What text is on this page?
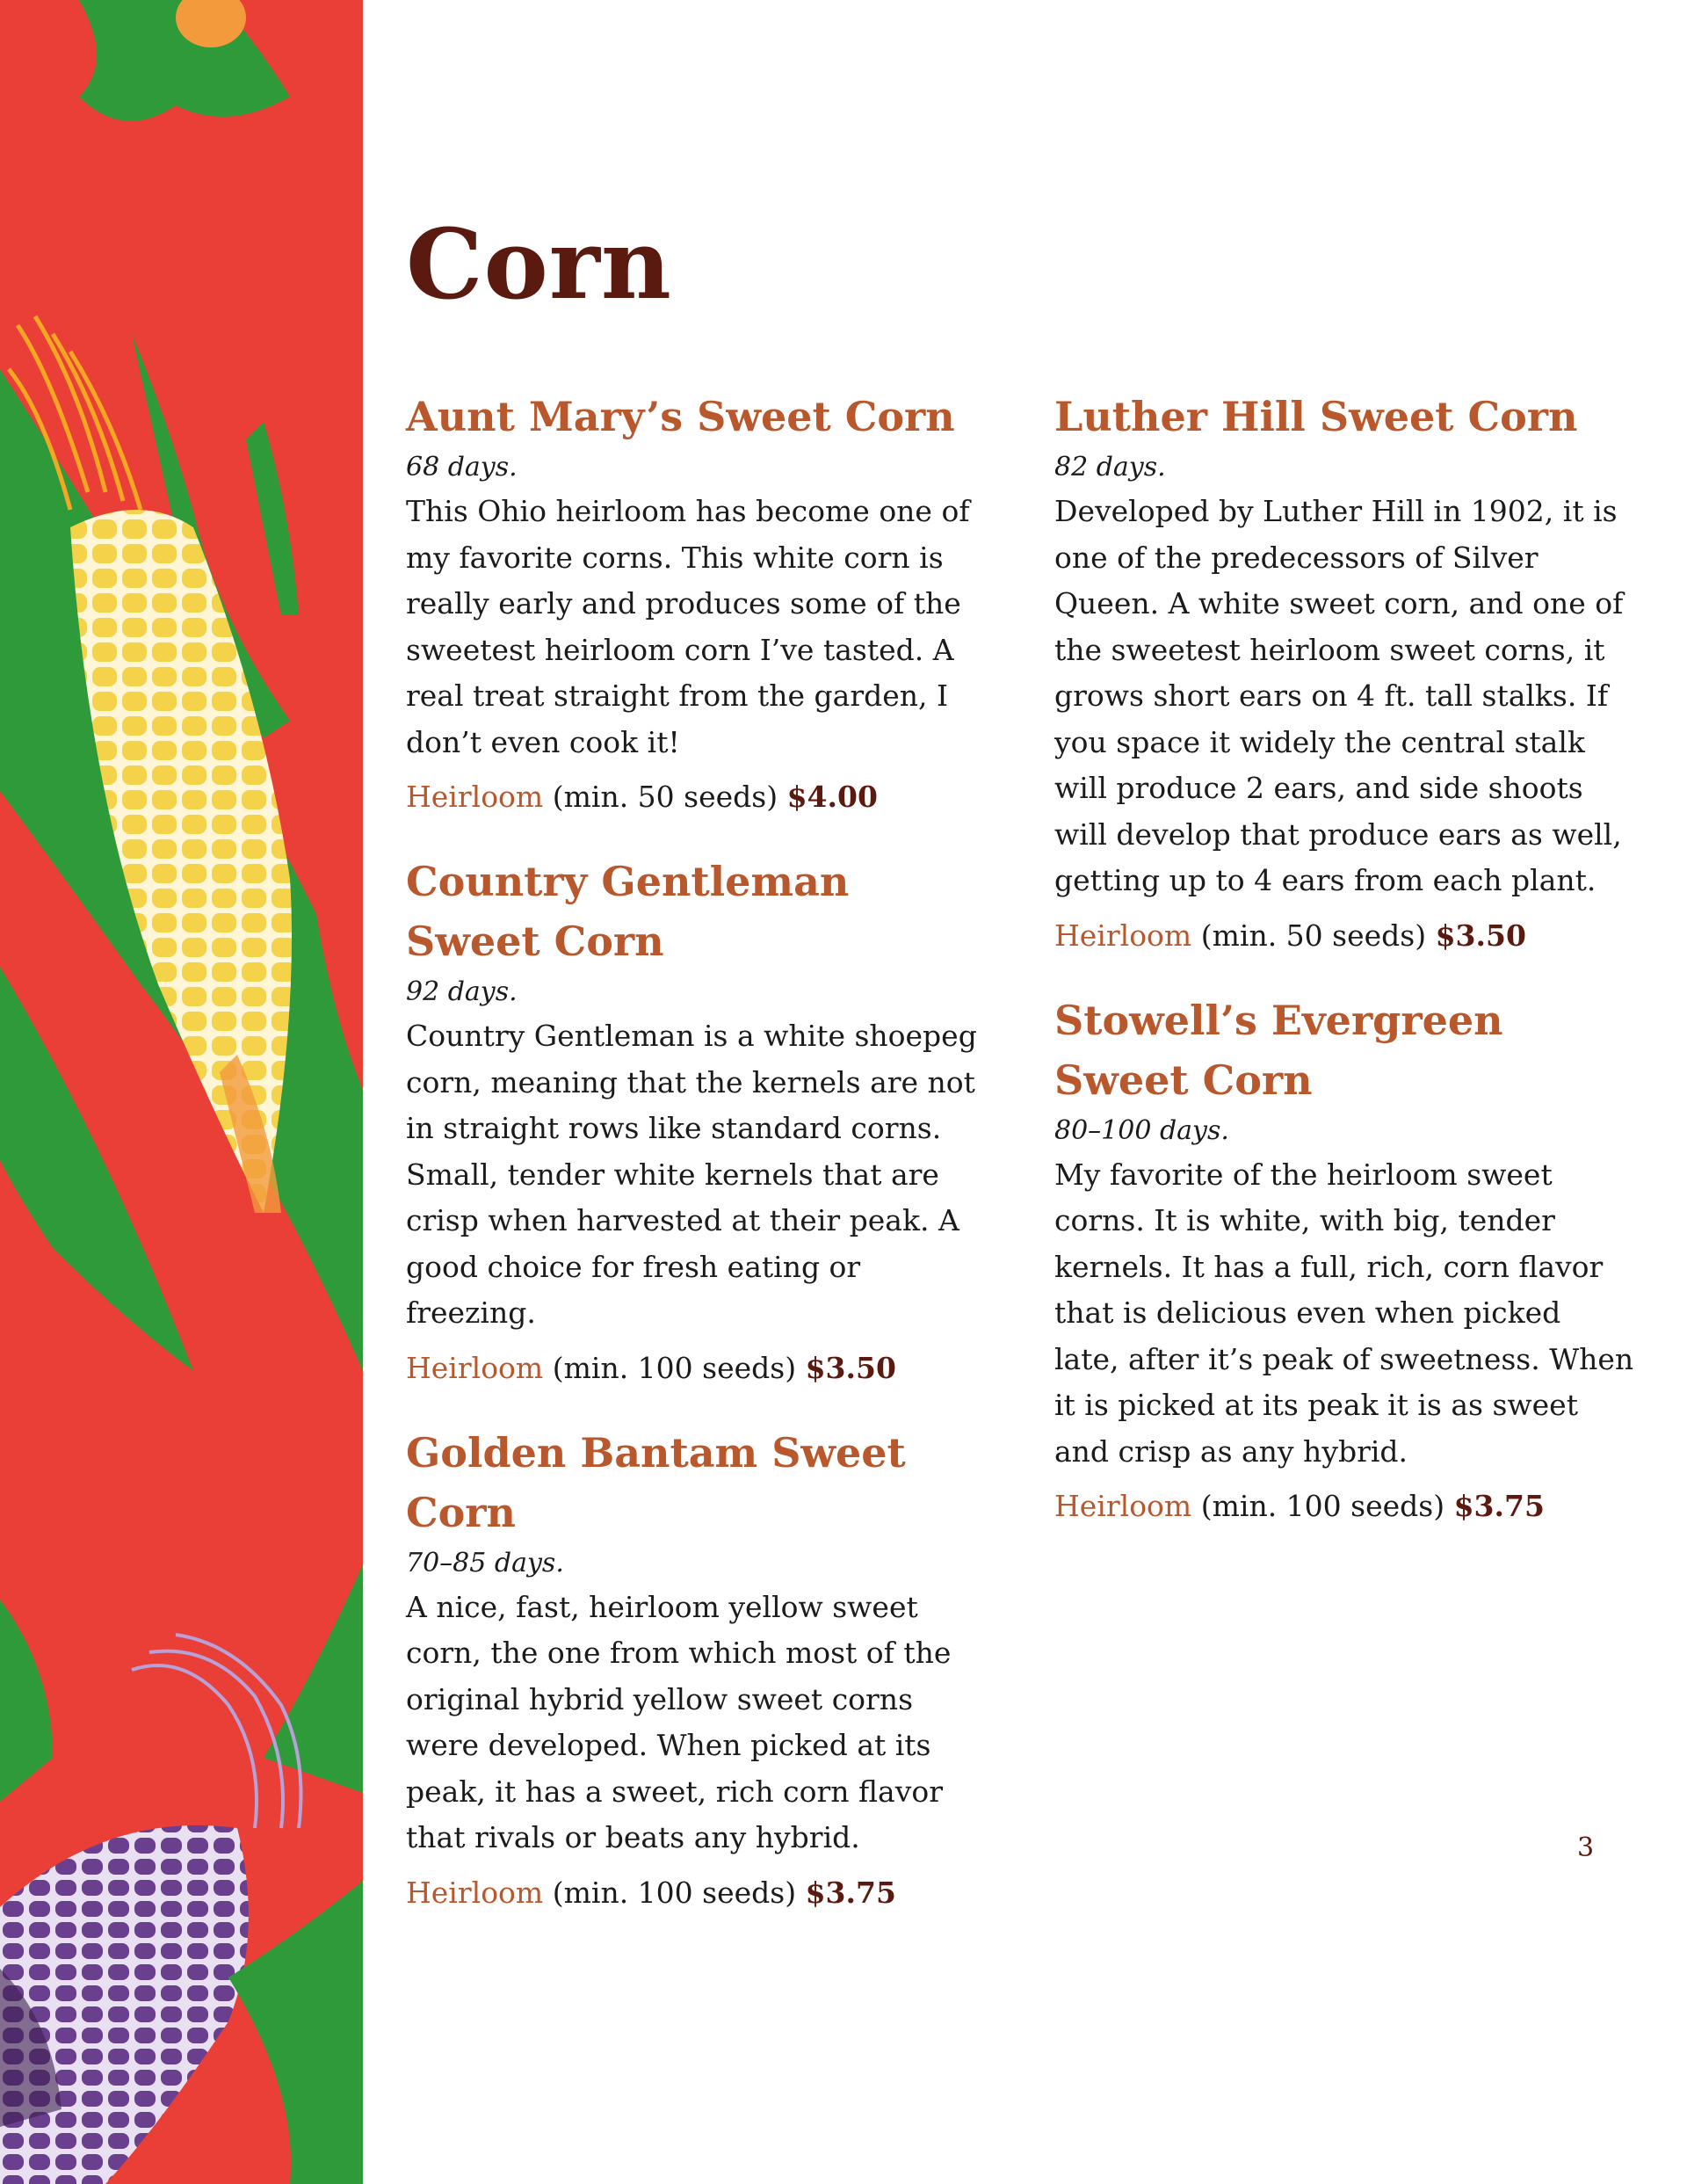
Corn
Aunt Mary’s Sweet Corn

68 days.

This Ohio heirloom has become one of my favorite corns. This white corn is really early and produces some of the sweetest heirloom corn I’ve tasted. A real treat straight from the garden, I don’t even cook it!

Heirloom (min. 50 seeds) $4.00

Country Gentleman Sweet Corn

92 days.

Country Gentleman is a white shoepeg corn, meaning that the kernels are not in straight rows like standard corns. Small, tender white kernels that are crisp when harvested at their peak. A good choice for fresh eating or freezing.

Heirloom (min. 100 seeds) $3.50

Golden Bantam Sweet Corn

70–85 days.

A nice, fast, heirloom yellow sweet corn, the one from which most of the original hybrid yellow sweet corns were developed. When picked at its peak, it has a sweet, rich corn flavor that rivals or beats any hybrid.

Heirloom (min. 100 seeds) $3.75

Luther Hill Sweet Corn

82 days.

Developed by Luther Hill in 1902, it is one of the predecessors of Silver Queen. A white sweet corn, and one of the sweetest heirloom sweet corns, it grows short ears on 4 ft. tall stalks. If you space it widely the central stalk will produce 2 ears, and side shoots will develop that produce ears as well, getting up to 4 ears from each plant.

Heirloom (min. 50 seeds) $3.50

Stowell’s Evergreen Sweet Corn

80–100 days.

My favorite of the heirloom sweet corns. It is white, with big, tender kernels. It has a full, rich, corn flavor that is delicious even when picked late, after it’s peak of sweetness. When it is picked at its peak it is as sweet and crisp as any hybrid.

Heirloom (min. 100 seeds) $3.75

3
